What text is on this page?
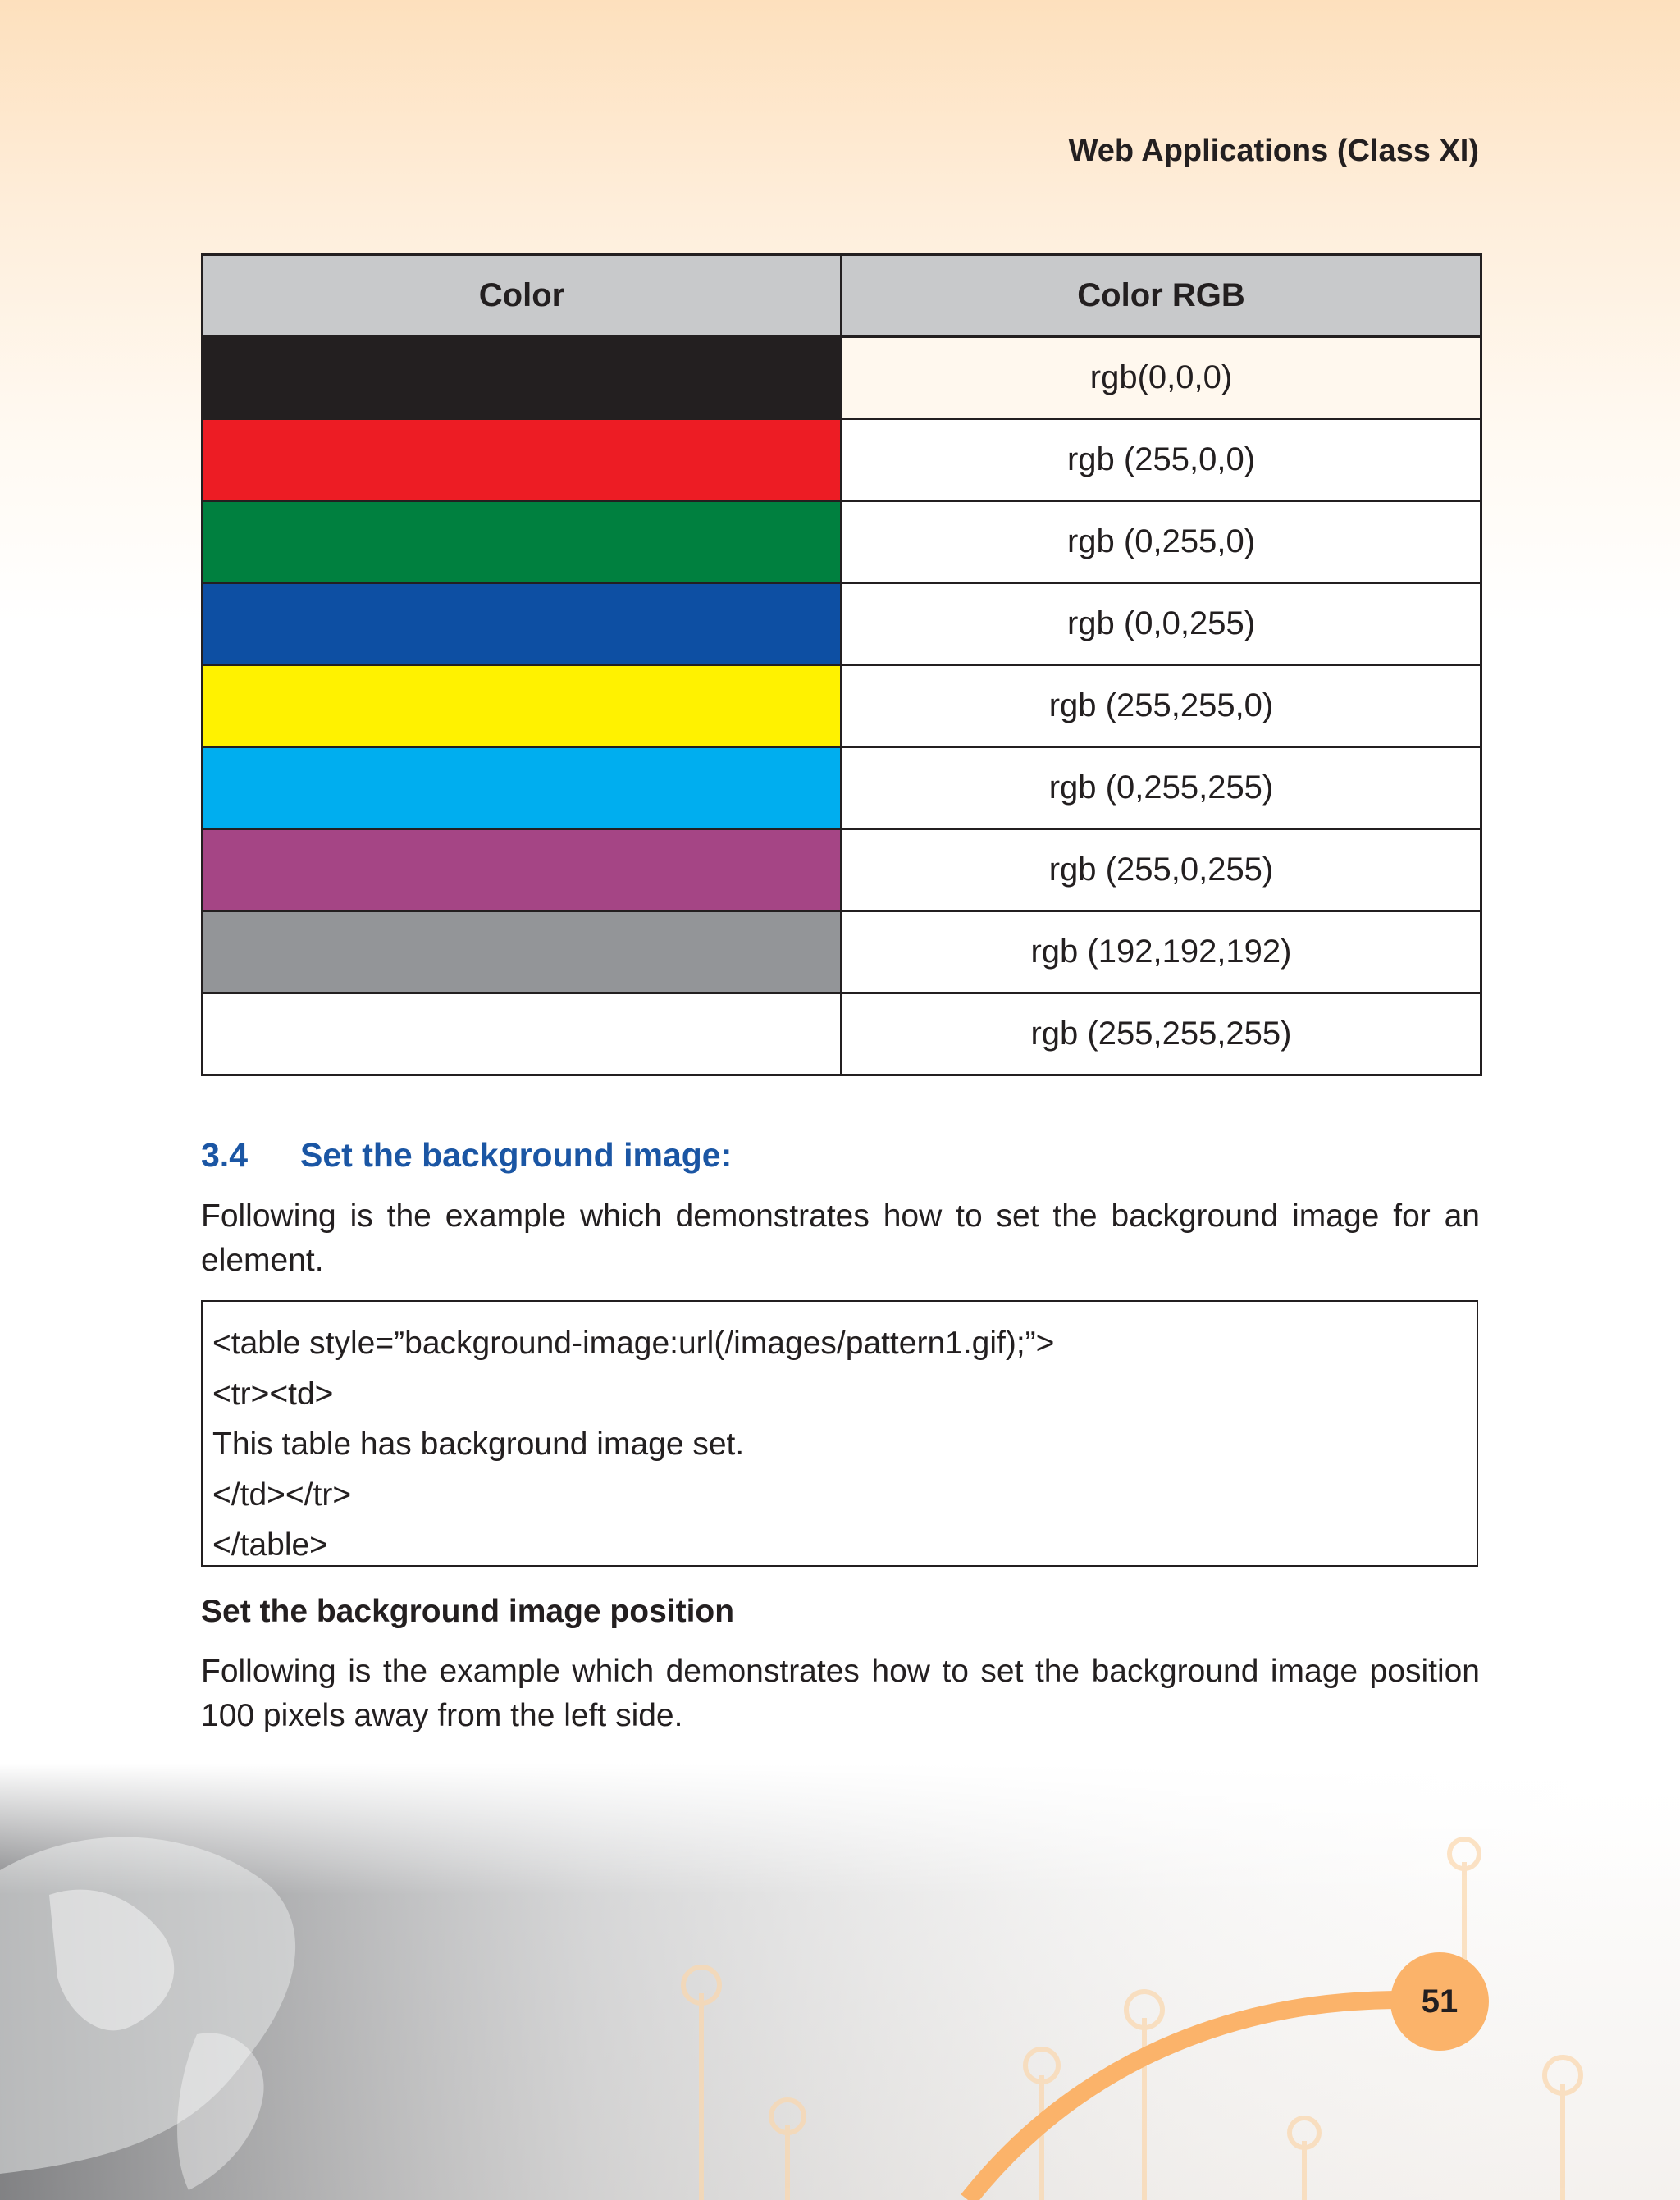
Web Applications (Class XI)
Color	Color RGB
	rgb(0,0,0)
	rgb (255,0,0)
	rgb (0,255,0)
	rgb (0,0,255)
	rgb (255,255,0)
	rgb (0,255,255)
	rgb (255,0,255)
	rgb (192,192,192)
	rgb (255,255,255)
3.4 Set the background image:

Following is the example which demonstrates how to set the background image for an element.

<table style=”background-image:url(/images/pattern1.gif);”>
<tr><td>
This table has background image set.
</td></tr>
</table>
Set the background image position

Following is the example which demonstrates how to set the background image position 100 pixels away from the left side.

51
